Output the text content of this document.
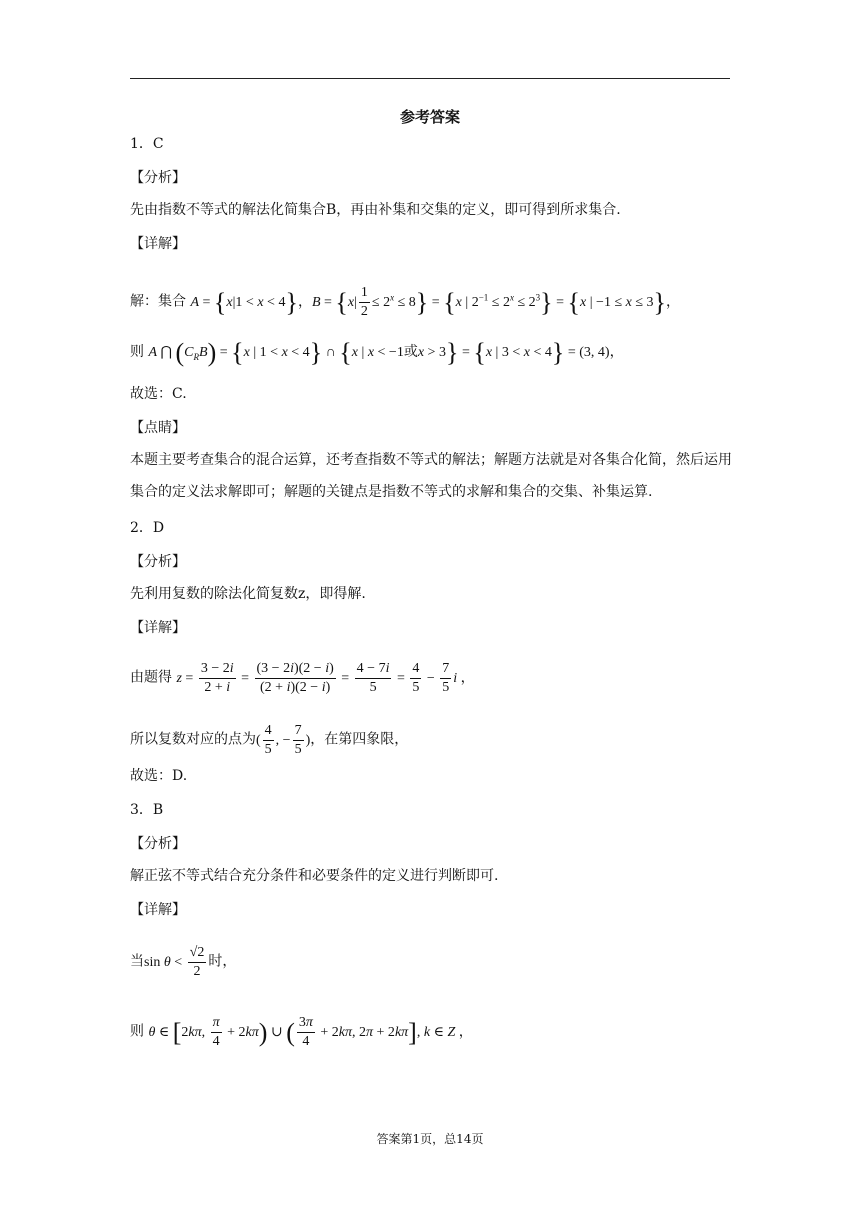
参考答案
1．C
【分析】
先由指数不等式的解法化简集合B，再由补集和交集的定义，即可得到所求集合.
【详解】
解：集合 A = {x|1 < x < 4}，$B = \{x| \frac{1}{2} \le 2^x \le 8\} = \{x$ | $2^{-1} \le 2^x \le 2^3\} = \{x$ | −1 ≤ x ≤ 3}，
则 A ⋂ $(C_RB) = \{x$ | 1 < x < 4} ∩ {x | x < −1或x > 3} = {x | 3 < x < 4} = (3, 4)，
故选：C.
【点睛】
本题主要考查集合的混合运算，还考查指数不等式的解法；解题方法就是对各集合化简，然后运用集合的定义法求解即可；解题的关键点是指数不等式的求解和集合的交集、补集运算.
2．D
【分析】
先利用复数的除法化简复数z，即得解.
【详解】
由题得 $z = \frac{3 - 2i}{2 + i} = \frac{(3 - 2i)(2 - i)}{(2 + i)(2 - i)} = \frac{4 - 7i}{5} = \frac{4}{5} - \frac{7}{5}$ i ，
所以复数对应的点为( $\frac{4}{5}$ , − $\frac{7}{5}$ )，在第四象限，
故选：D.
3．B
【分析】
解正弦不等式结合充分条件和必要条件的定义进行判断即可.
【详解】
当$\sin \theta < \frac{√2}{2}$ 时，
则 θ ∈ [2kπ, $\frac{\pi}{4} + 2k\pi$) ∪ ( $\frac{3\pi}{4} + 2k\pi$, 2π + 2kπ], k ∈ Z ，
答案第1页，总14页
